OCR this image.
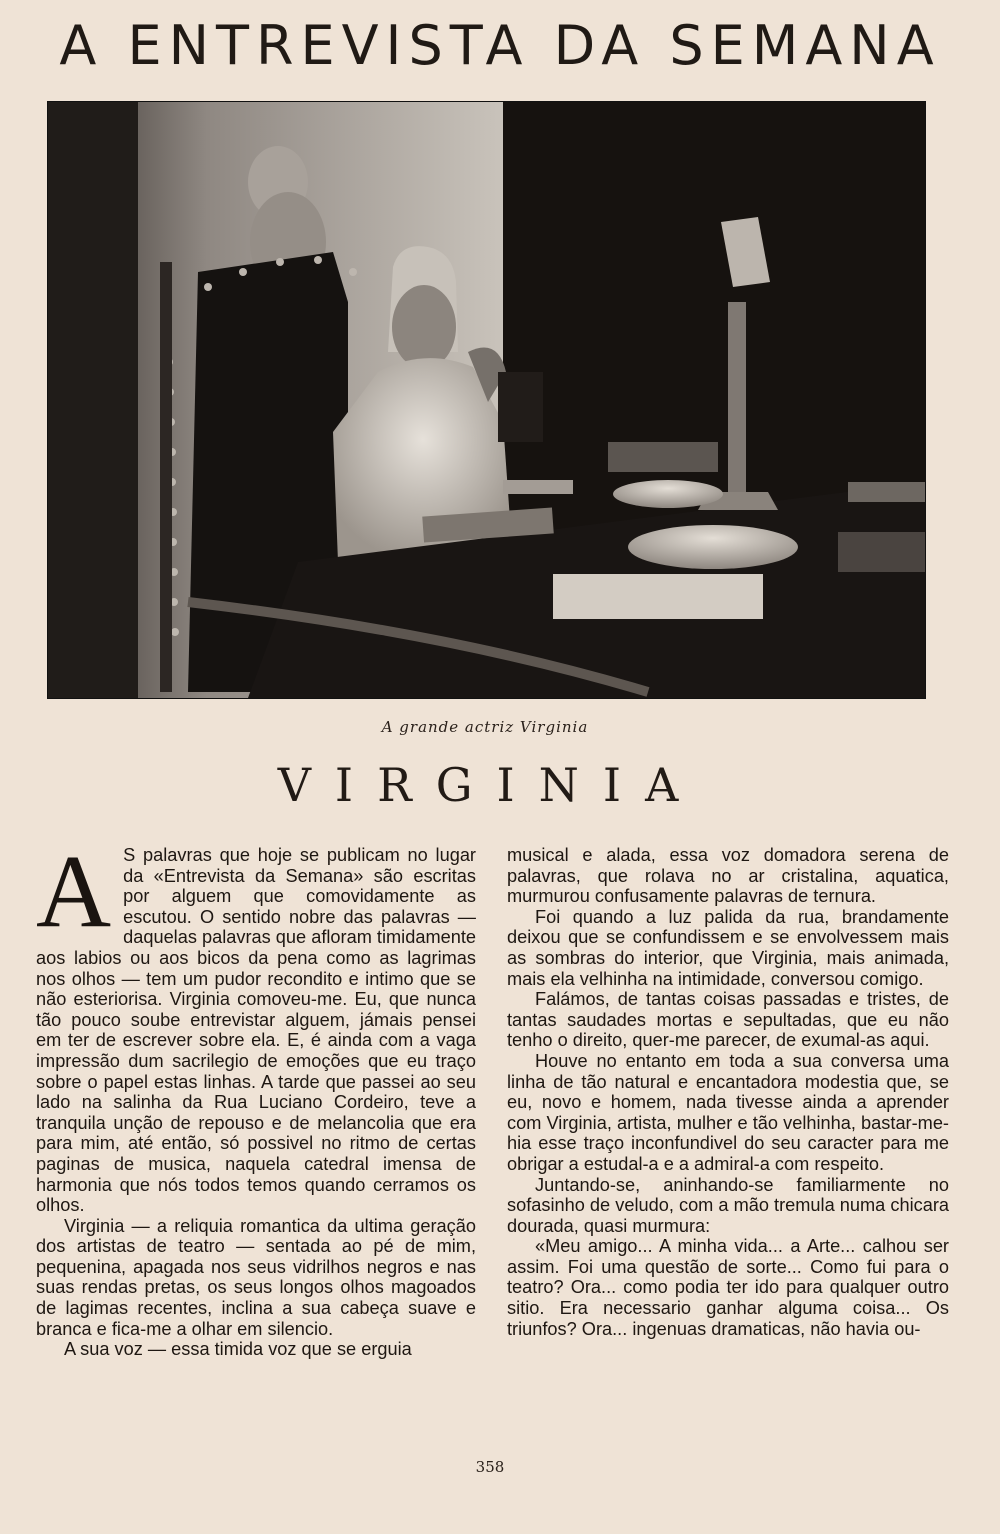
A ENTREVISTA DA SEMANA
A grande actriz Virginia
VIRGINIA

A S palavras que hoje se publicam no lugar da «Entrevista da Semana» são escritas por alguem que comovidamente as escutou. O sentido nobre das palavras — daquelas palavras que afloram timidamente aos labios ou aos bicos da pena como as lagrimas nos olhos — tem um pudor recondito e intimo que se não esteriorisa. Virginia comoveu-me. Eu, que nunca tão pouco soube entrevistar alguem, jámais pensei em ter de escrever sobre ela. E, é ainda com a vaga impressão dum sacrilegio de emoções que eu traço sobre o papel estas linhas. A tarde que passei ao seu lado na salinha da Rua Luciano Cordeiro, teve a tranquila unção de repouso e de melancolia que era para mim, até então, só possivel no ritmo de certas paginas de musica, naquela catedral imensa de harmonia que nós todos temos quando cerramos os olhos.

Virginia — a reliquia romantica da ultima geração dos artistas de teatro — sentada ao pé de mim, pequenina, apagada nos seus vidrilhos negros e nas suas rendas pretas, os seus longos olhos magoados de lagimas recentes, inclina a sua cabeça suave e branca e fica-me a olhar em silencio.

A sua voz — essa timida voz que se erguia

musical e alada, essa voz domadora serena de palavras, que rolava no ar cristalina, aquatica, murmurou confusamente palavras de ternura.

Foi quando a luz palida da rua, brandamente deixou que se confundissem e se envolvessem mais as sombras do interior, que Virginia, mais animada, mais ela velhinha na intimidade, conversou comigo.

Falámos, de tantas coisas passadas e tristes, de tantas saudades mortas e sepultadas, que eu não tenho o direito, quer-me parecer, de exumal-as aqui.

Houve no entanto em toda a sua conversa uma linha de tão natural e encantadora modestia que, se eu, novo e homem, nada tivesse ainda a aprender com Virginia, artista, mulher e tão velhinha, bastar-me-hia esse traço inconfundivel do seu caracter para me obrigar a estudal-a e a admiral-a com respeito.

Juntando-se, aninhando-se familiarmente no sofasinho de veludo, com a mão tremula numa chicara dourada, quasi murmura:

«Meu amigo... A minha vida... a Arte... calhou ser assim. Foi uma questão de sorte... Como fui para o teatro? Ora... como podia ter ido para qualquer outro sitio. Era necessario ganhar alguma coisa... Os triunfos? Ora... ingenuas dramaticas, não havia ou-

358
